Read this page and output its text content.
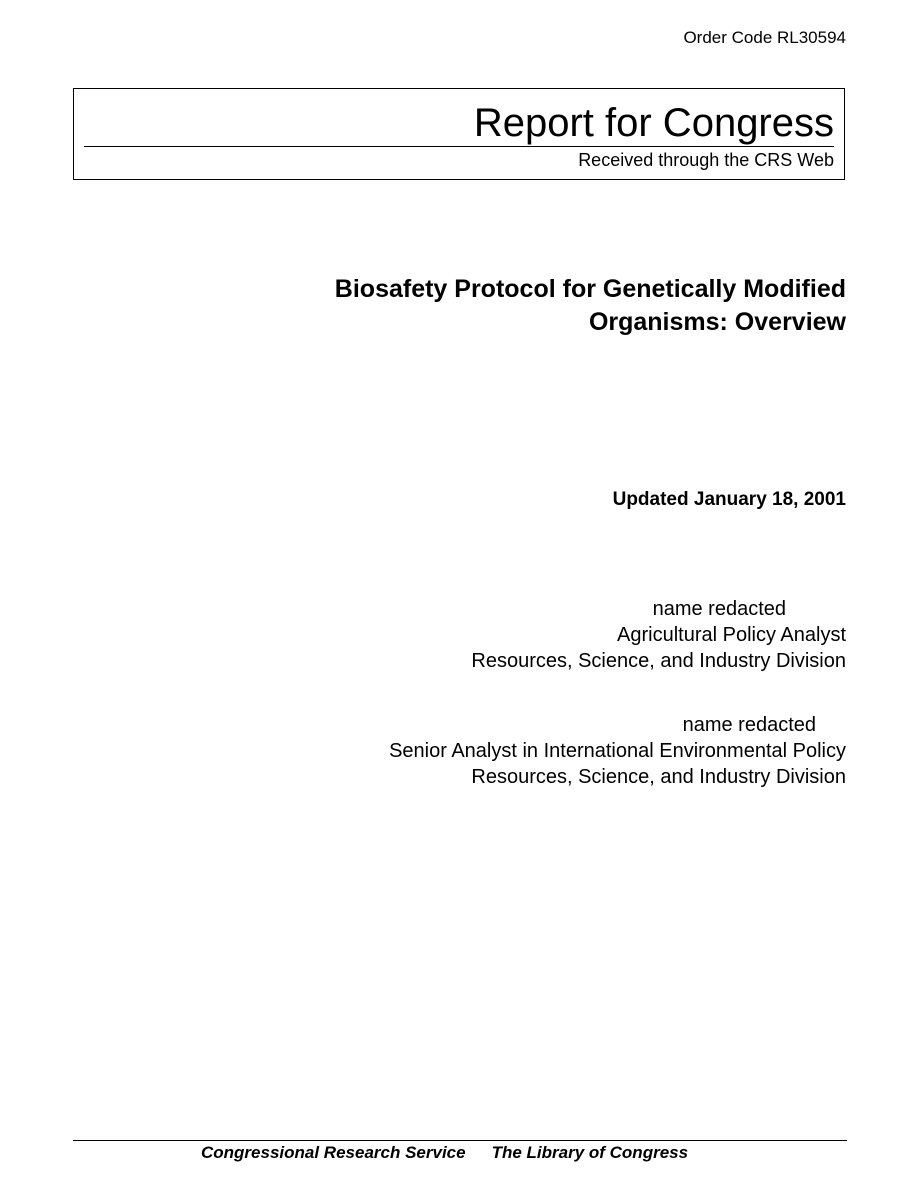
Order Code RL30594
Report for Congress
Received through the CRS Web
Biosafety Protocol for Genetically Modified
Organisms: Overview
Updated January 18, 2001
name redacted
Agricultural Policy Analyst
Resources, Science, and Industry Division
name redacted
Senior Analyst in International Environmental Policy
Resources, Science, and Industry Division
Congressional Research Service The Library of Congress
